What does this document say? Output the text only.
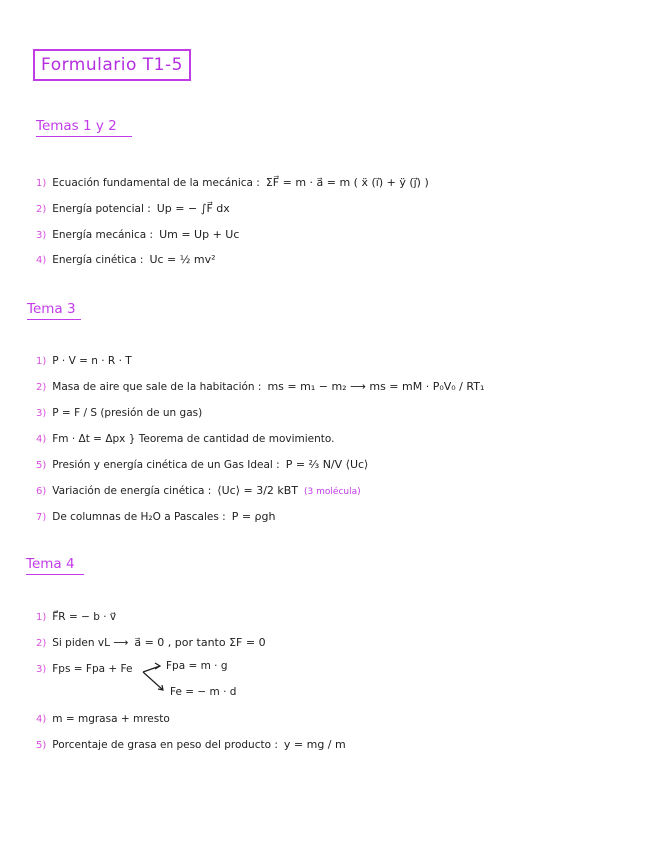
Formulario T1-5
Temas 1 y 2
1) Ecuación fundamental de la mecánica : ΣF⃗ = m · a⃗ = m ( ẍ (i⃗) + ÿ (j⃗) )
2) Energía potencial : Up = − ∫F⃗ dx
3) Energía mecánica : Um = Up + Uc
4) Energía cinética : Uc = ½ mv²
Tema 3
1) P · V = n · R · T
2) Masa de aire que sale de la habitación : ms = m₁ − m₂ ⟶ ms = mM · P₀V₀ / RT₁
3) P = F / S (presión de un gas)
4) Fm · Δt = Δpx } Teorema de cantidad de movimiento.
5) Presión y energía cinética de un Gas Ideal : P = ⅔ N/V ⟨Uc⟩
6) Variación de energía cinética : ⟨Uc⟩ = 3/2 kBT (3 molécula)
7) De columnas de H₂O a Pascales : P = ρgh
Tema 4
1) F⃗R = − b · v⃗
2) Si piden vL ⟶ a⃗ = 0 , por tanto ΣF = 0
3) Fps = Fpa + Fe	Fpa = m · g
Fe = − m · d
4) m = mgrasa + mresto
5) Porcentaje de grasa en peso del producto : y = mg / m
